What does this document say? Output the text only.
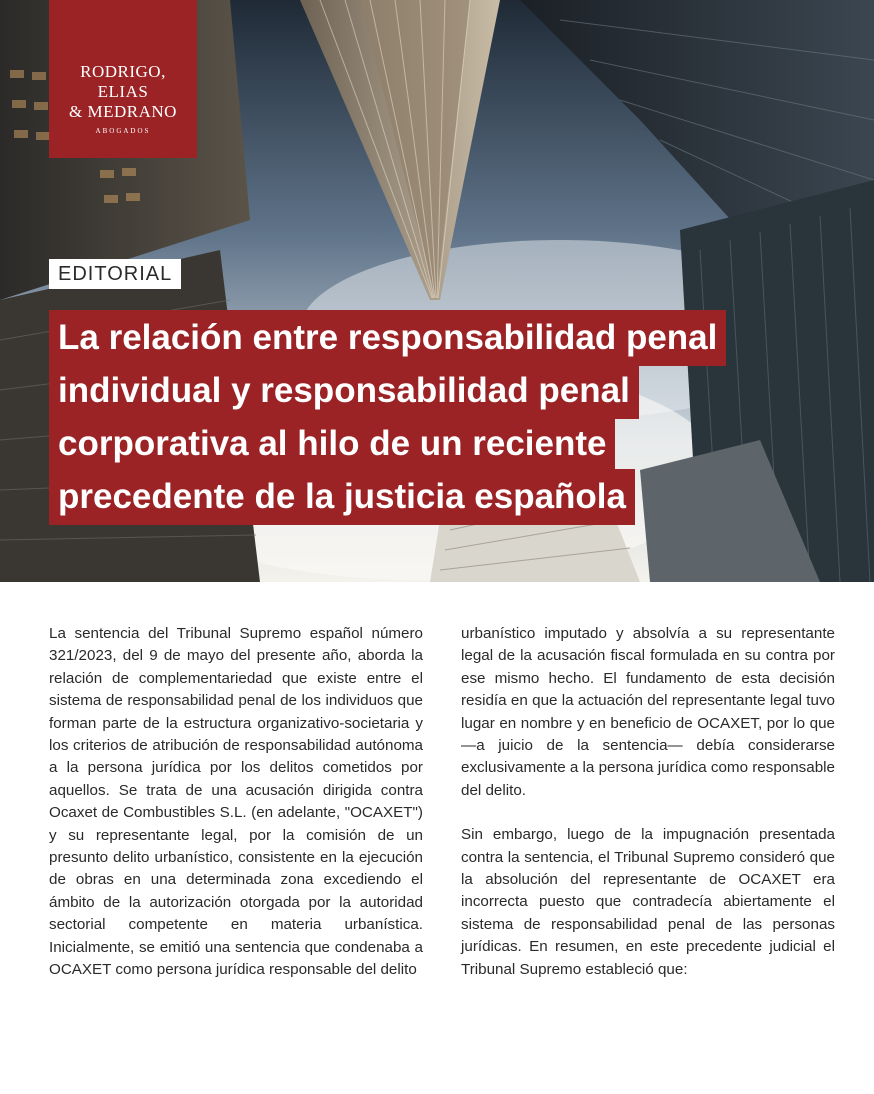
RODRIGO,
ELIAS
& MEDRANO
ABOGADOS
EDITORIAL
La relación entre responsabilidad penal
individual y responsabilidad penal
corporativa al hilo de un reciente
precedente de la justicia española

La sentencia del Tribunal Supremo español número 321/2023, del 9 de mayo del presente año, aborda la relación de complementariedad que existe entre el sistema de responsabilidad penal de los individuos que forman parte de la estructura organizativo-societaria y los criterios de atribución de responsabilidad autónoma a la persona jurídica por los delitos cometidos por aquellos. Se trata de una acusación dirigida contra Ocaxet de Combustibles S.L. (en adelante, "OCAXET") y su representante legal, por la comisión de un presunto delito urbanístico, consistente en la ejecución de obras en una determinada zona excediendo el ámbito de la autorización otorgada por la autoridad sectorial competente en materia urbanística. Inicialmente, se emitió una sentencia que condenaba a OCAXET como persona jurídica responsable del delito

urbanístico imputado y absolvía a su representante legal de la acusación fiscal formulada en su contra por ese mismo hecho. El fundamento de esta decisión residía en que la actuación del representante legal tuvo lugar en nombre y en beneficio de OCAXET, por lo que —a juicio de la sentencia— debía considerarse exclusivamente a la persona jurídica como responsable del delito.

Sin embargo, luego de la impugnación presentada contra la sentencia, el Tribunal Supremo consideró que la absolución del representante de OCAXET era incorrecta puesto que contradecía abiertamente el sistema de responsabilidad penal de las personas jurídicas. En resumen, en este precedente judicial el Tribunal Supremo estableció que:
